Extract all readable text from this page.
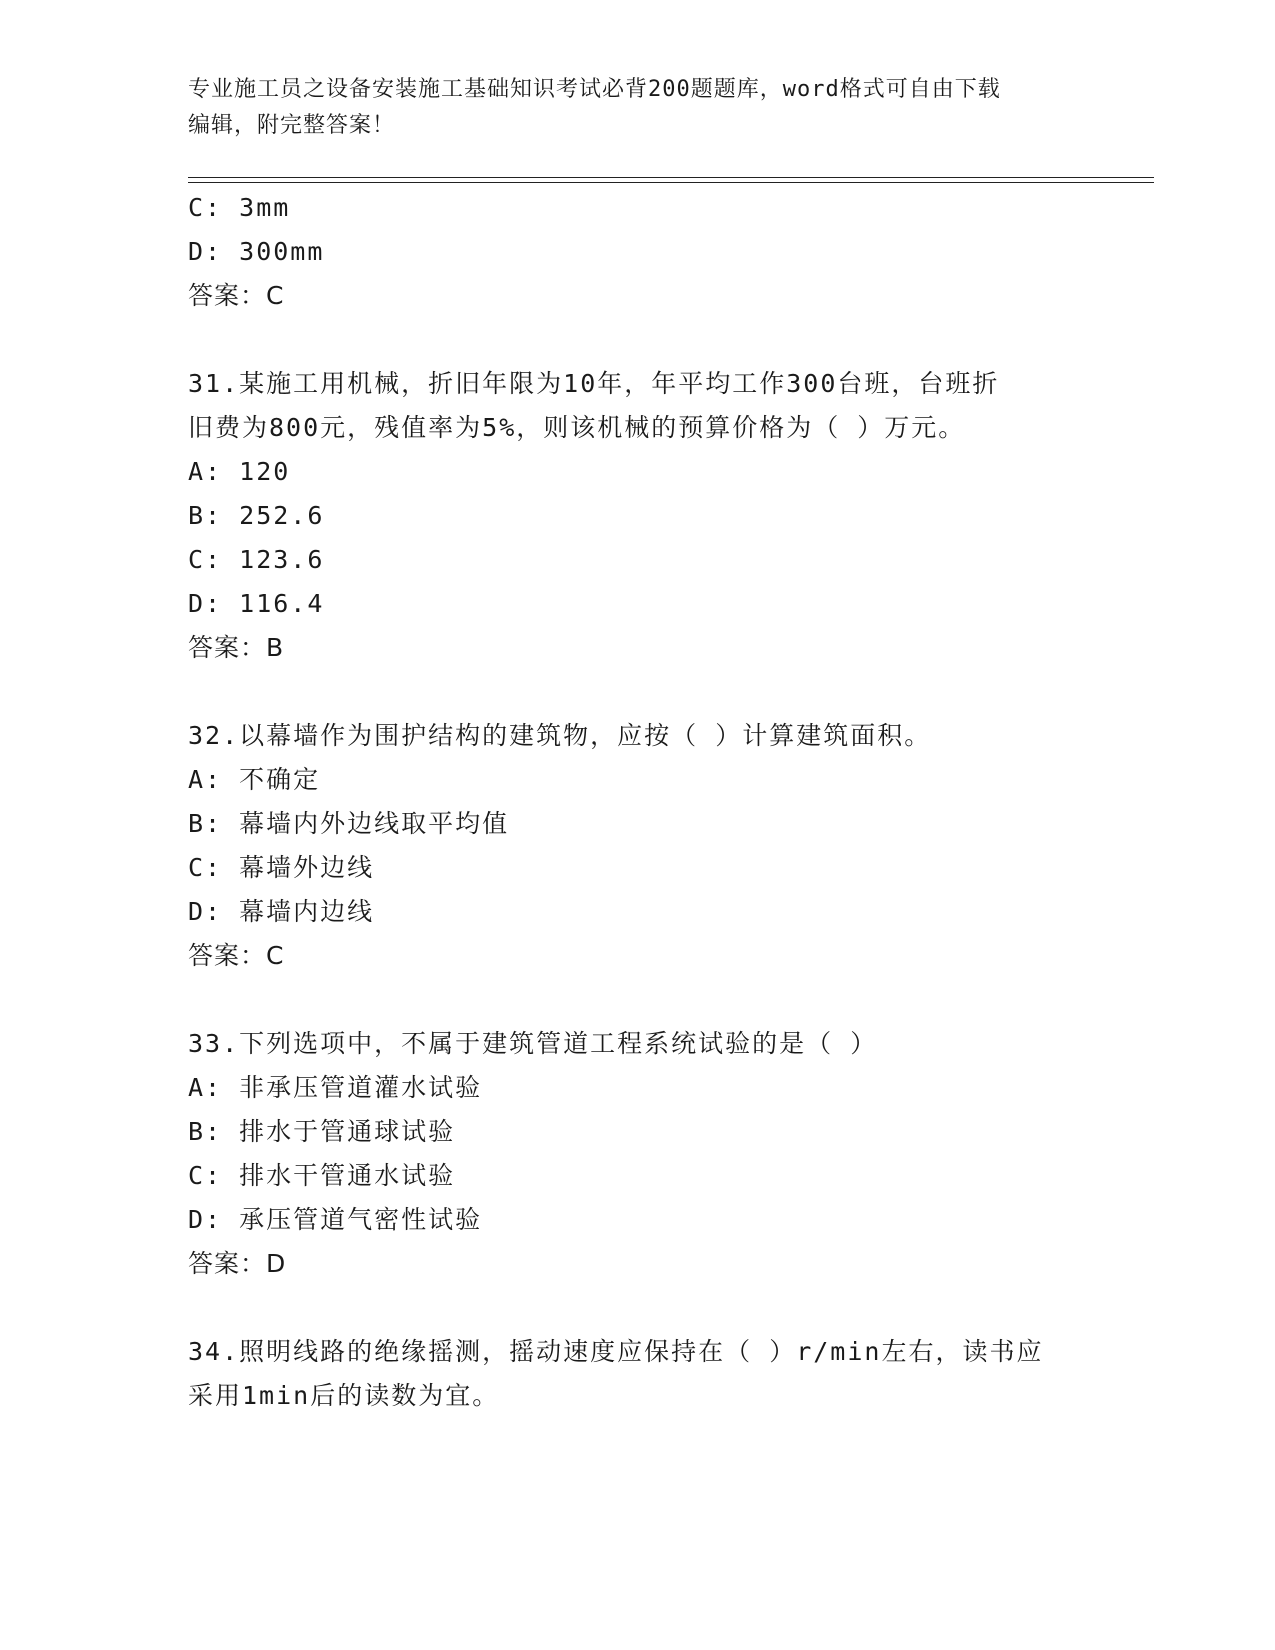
专业施工员之设备安装施工基础知识考试必背200题题库，word格式可自由下载
编辑，附完整答案！
C: 3mm
D: 300mm
答案：C
31.某施工用机械，折旧年限为10年，年平均工作300台班，台班折
旧费为800元，残值率为5%，则该机械的预算价格为（ ）万元。
A: 120
B: 252.6
C: 123.6
D: 116.4
答案：B
32.以幕墙作为围护结构的建筑物，应按（ ）计算建筑面积。
A: 不确定
B: 幕墙内外边线取平均值
C: 幕墙外边线
D: 幕墙内边线
答案：C
33.下列选项中，不属于建筑管道工程系统试验的是（ ）
A: 非承压管道灌水试验
B: 排水于管通球试验
C: 排水干管通水试验
D: 承压管道气密性试验
答案：D
34.照明线路的绝缘摇测，摇动速度应保持在（ ）r/min左右，读书应
采用1min后的读数为宜。
